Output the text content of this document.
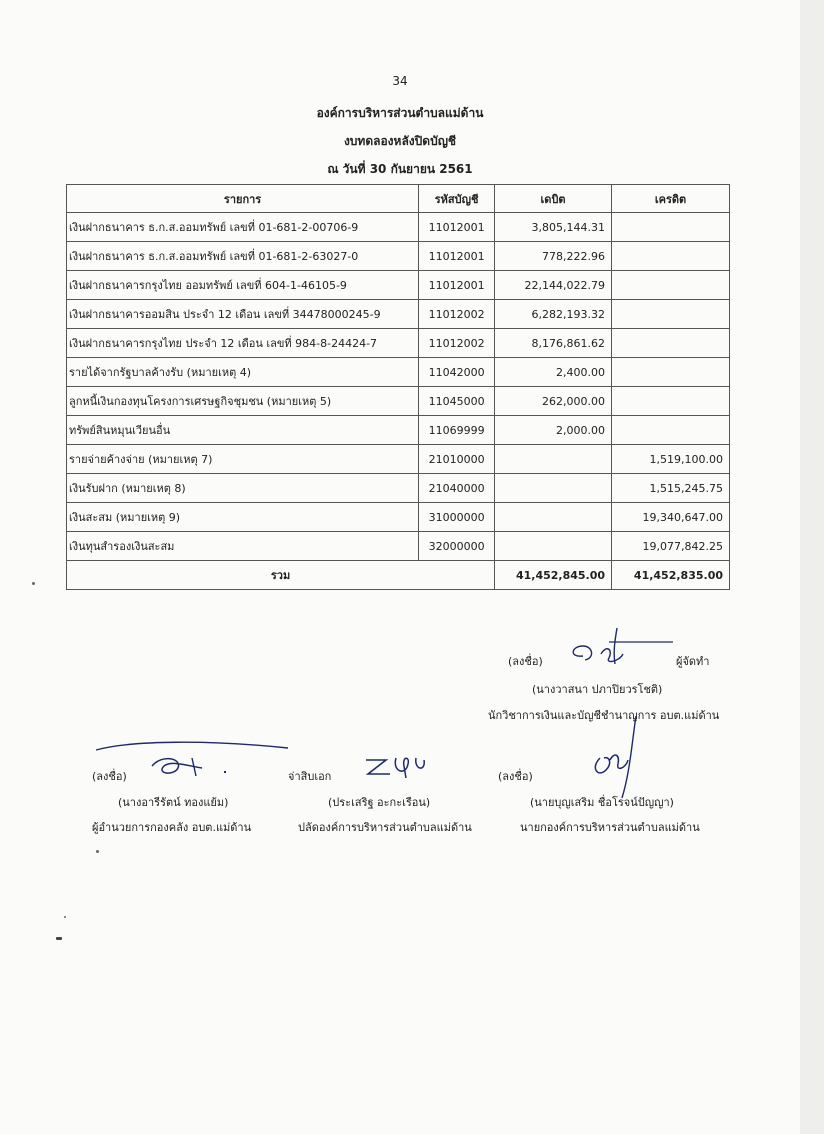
34
องค์การบริหารส่วนตำบลแม่ด้าน
งบทดลองหลังปิดบัญชี
ณ วันที่ 30 กันยายน 2561
รายการ	รหัสบัญชี	เดบิต	เครดิต
เงินฝากธนาคาร ธ.ก.ส.ออมทรัพย์ เลขที่ 01-681-2-00706-9	11012001	3,805,144.31	
เงินฝากธนาคาร ธ.ก.ส.ออมทรัพย์ เลขที่ 01-681-2-63027-0	11012001	778,222.96	
เงินฝากธนาคารกรุงไทย ออมทรัพย์ เลขที่ 604-1-46105-9	11012001	22,144,022.79	
เงินฝากธนาคารออมสิน ประจำ 12 เดือน เลขที่ 34478000245-9	11012002	6,282,193.32	
เงินฝากธนาคารกรุงไทย ประจำ 12 เดือน เลขที่ 984-8-24424-7	11012002	8,176,861.62	
รายได้จากรัฐบาลค้างรับ (หมายเหตุ 4)	11042000	2,400.00	
ลูกหนี้เงินกองทุนโครงการเศรษฐกิจชุมชน (หมายเหตุ 5)	11045000	262,000.00	
ทรัพย์สินหมุนเวียนอื่น	11069999	2,000.00	
รายจ่ายค้างจ่าย (หมายเหตุ 7)	21010000		1,519,100.00
เงินรับฝาก (หมายเหตุ 8)	21040000		1,515,245.75
เงินสะสม (หมายเหตุ 9)	31000000		19,340,647.00
เงินทุนสำรองเงินสะสม	32000000		19,077,842.25
รวม		41,452,845.00	41,452,835.00
(ลงชื่อ)	ผู้จัดทำ
(นางวาสนา ปภาปิยวรโชติ)
นักวิชาการเงินและบัญชีชำนาญการ อบต.แม่ด้าน
(ลงชื่อ)
(นางอารีรัตน์ ทองแย้ม)
ผู้อำนวยการกองคลัง อบต.แม่ด้าน
จ่าสิบเอก
(ประเสริฐ อะกะเรือน)
ปลัดองค์การบริหารส่วนตำบลแม่ด้าน
(ลงชื่อ)
(นายบุญเสริม ชื่อโรจน์ปัญญา)
นายกองค์การบริหารส่วนตำบลแม่ด้าน
